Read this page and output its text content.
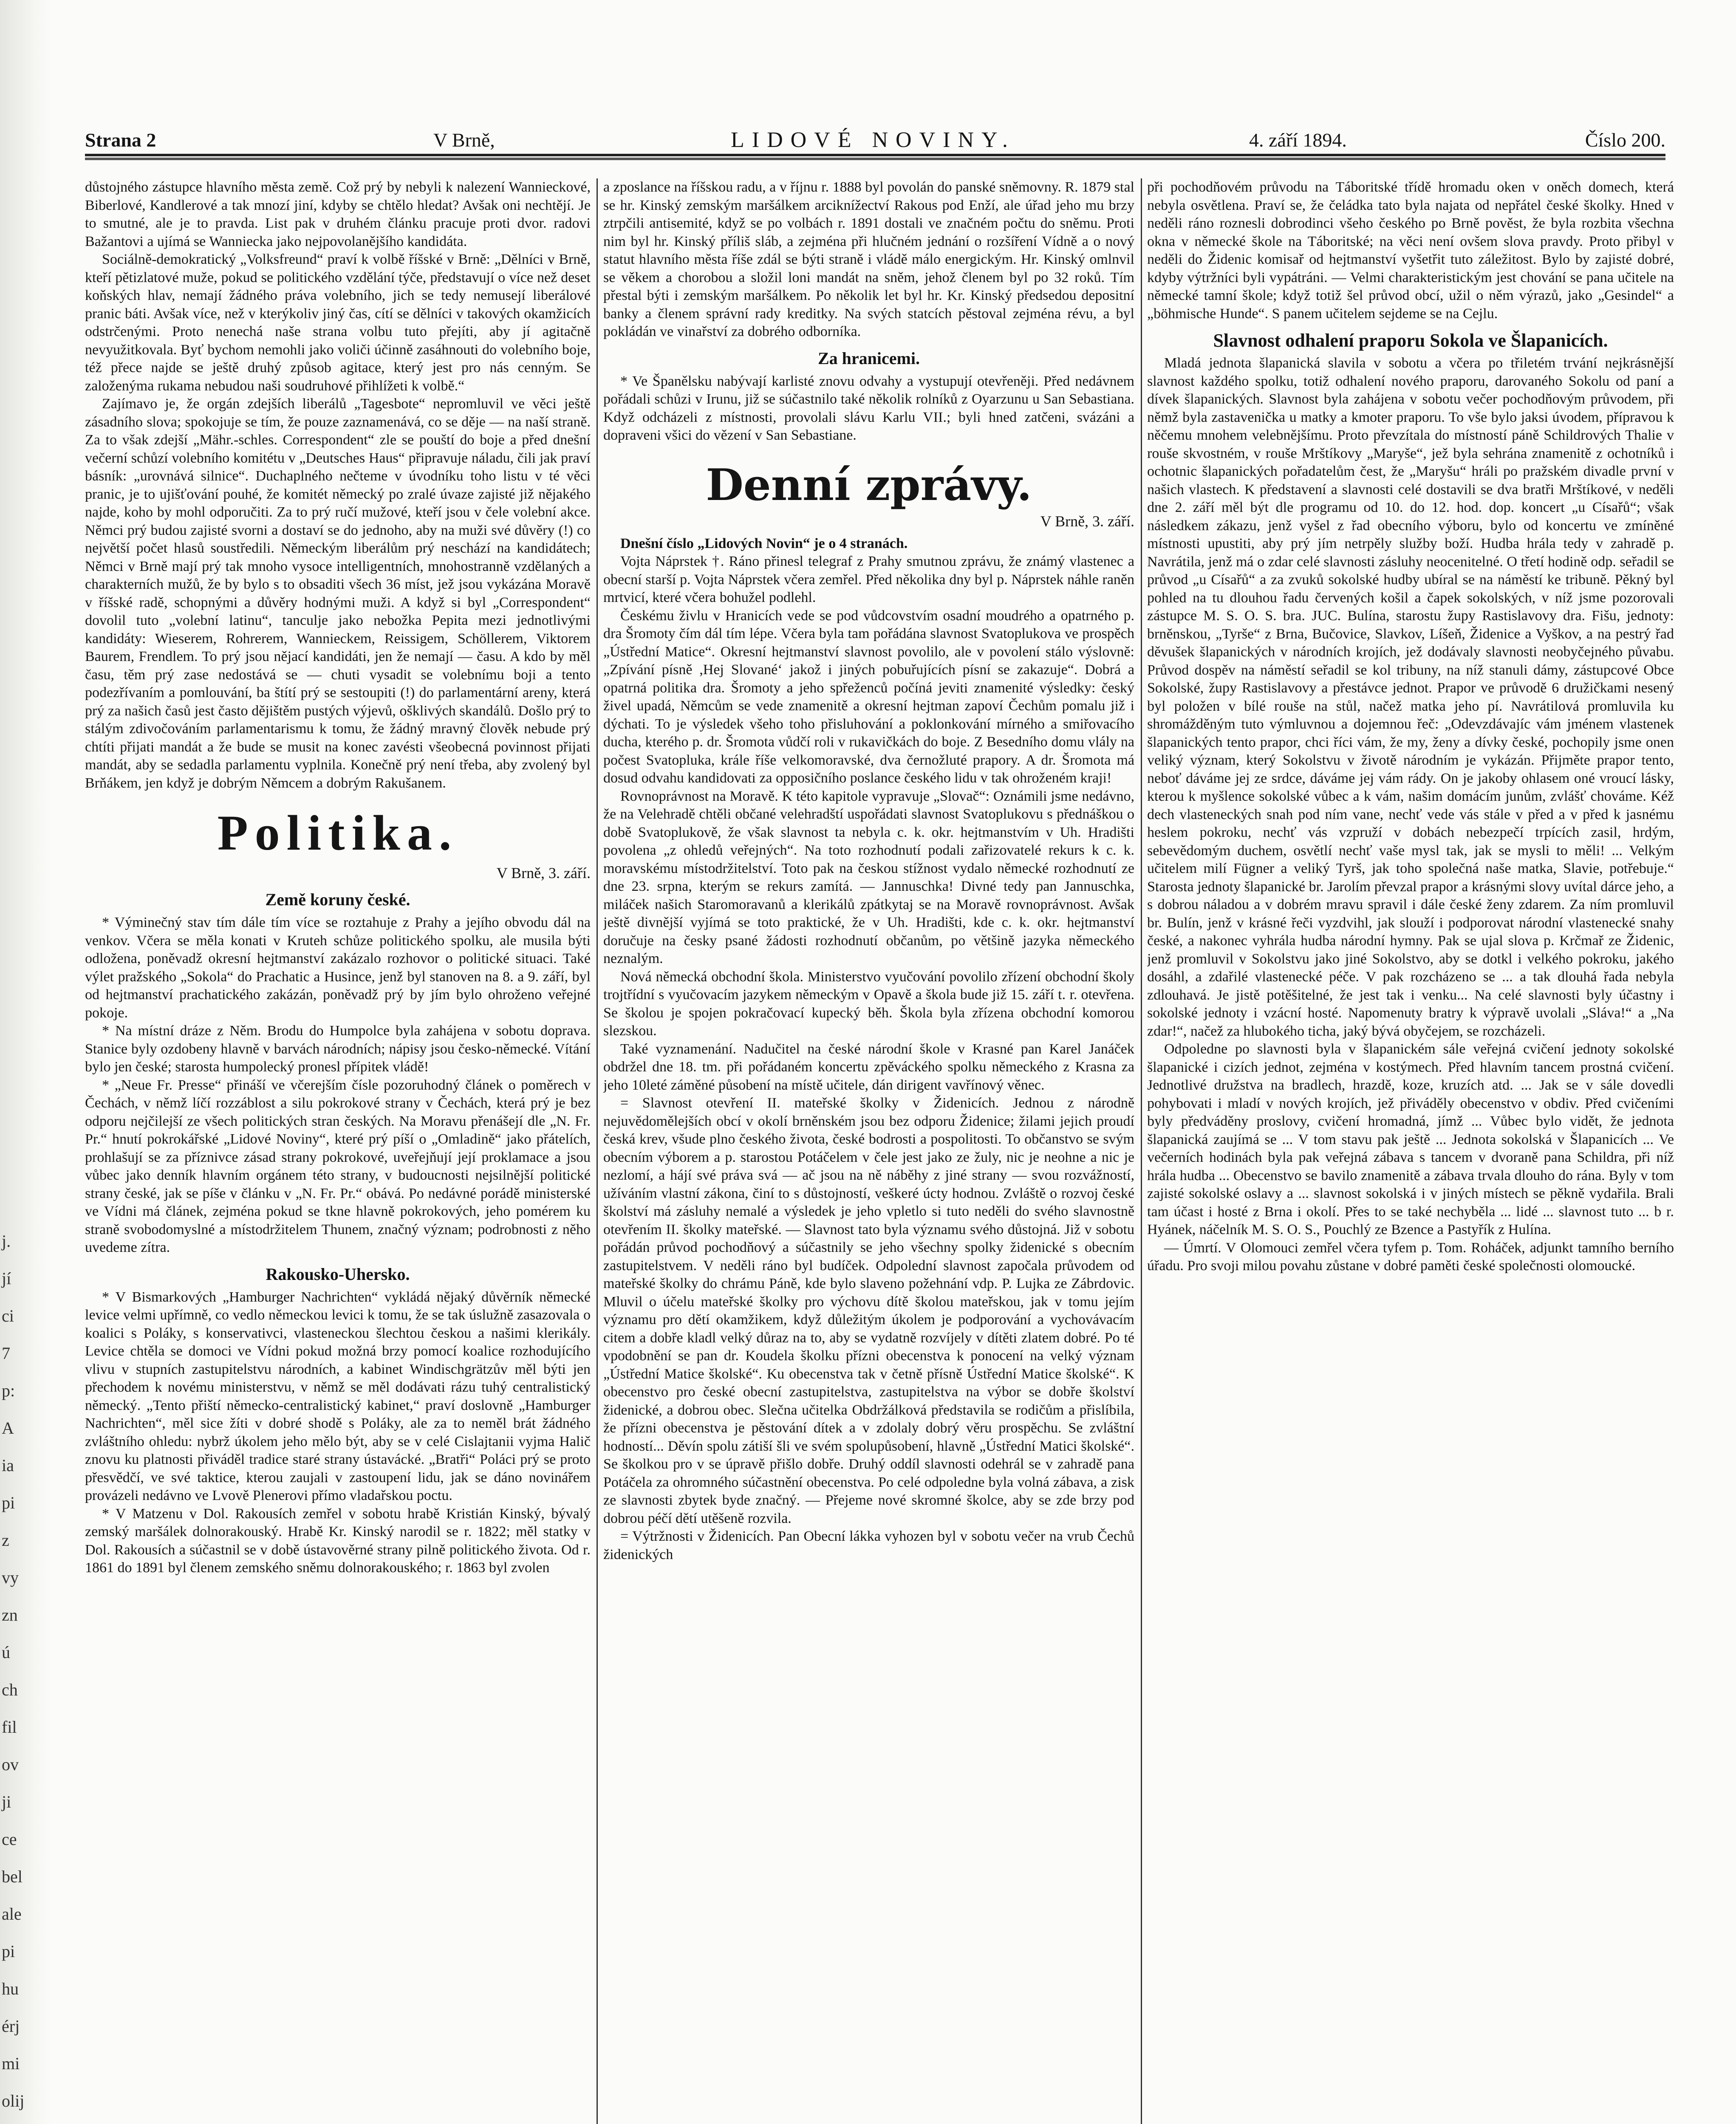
j.
jí
ci
7
p:
A
ia
pi
z
vy
zn
ú
ch
fil
ov
ji
ce
bel
ale
pi
hu
érj
mi
olij
Strana 2	V Brně,	LIDOVÉ NOVINY.	4. září 1894.	Číslo 200.

důstojného zástupce hlavního města země. Což prý by nebyli k nalezení Wannieckové, Biberlové, Kandlerové a tak mnozí jiní, kdyby se chtělo hledat? Avšak oni nechtějí. Je to smutné, ale je to pravda. List pak v druhém článku pracuje proti dvor. radovi Bažantovi a ujímá se Wanniecka jako nejpovolanějšího kandidáta.

Sociálně-demokratický „Volksfreund“ praví k volbě říšské v Brně: „Dělníci v Brně, kteří pětizlatové muže, pokud se politického vzdělání týče, představují o více než deset koňských hlav, nemají žádného práva volebního, jich se tedy nemusejí liberálové pranic báti. Avšak více, než v kterýkoliv jiný čas, cítí se dělníci v takových okamžicích odstrčenými. Proto nenechá naše strana volbu tuto přejíti, aby jí agitačně nevyužitkovala. Byť bychom nemohli jako voliči účinně zasáhnouti do volebního boje, též přece najde se ještě druhý způsob agitace, který jest pro nás cenným. Se založenýma rukama nebudou naši soudruhové přihlížeti k volbě.“

Zajímavo je, že orgán zdejších liberálů „Tagesbote“ nepromluvil ve věci ještě zásadního slova; spokojuje se tím, že pouze zaznamenává, co se děje — na naší straně. Za to však zdejší „Mähr.-schles. Correspondent“ zle se pouští do boje a před dnešní večerní schůzí volebního komitétu v „Deutsches Haus“ připravuje náladu, čili jak praví básník: „urovnává silnice“. Duchaplného nečteme v úvodníku toho listu v té věci pranic, je to ujišťování pouhé, že komitét německý po zralé úvaze zajisté již nějakého najde, koho by mohl odporučiti. Za to prý ručí mužové, kteří jsou v čele volební akce. Němci prý budou zajisté svorni a dostaví se do jednoho, aby na muži své důvěry (!) co největší počet hlasů soustředili. Německým liberálům prý neschází na kandidátech; Němci v Brně mají prý tak mnoho vysoce intelligentních, mnohostranně vzdělaných a charakterních mužů, že by bylo s to obsaditi všech 36 míst, jež jsou vykázána Moravě v říšské radě, schopnými a důvěry hodnými muži. A když si byl „Correspondent“ dovolil tuto „volební latinu“, tanculje jako nebožka Pepita mezi jednotlivými kandidáty: Wieserem, Rohrerem, Wannieckem, Reissigem, Schöllerem, Viktorem Baurem, Frendlem. To prý jsou nějací kandidáti, jen že nemají — času. A kdo by měl času, těm prý zase nedostává se — chuti vysadit se volebnímu boji a tento podezřívaním a pomlouvání, ba štítí prý se sestoupiti (!) do parlamentární areny, která prý za našich časů jest často dějištěm pustých výjevů, ošklivých skandálů. Došlo prý to stálým zdivočováním parlamentarismu k tomu, že žádný mravný člověk nebude prý chtíti přijati mandát a že bude se musit na konec zavésti všeobecná povinnost přijati mandát, aby se sedadla parlamentu vyplnila. Konečně prý není třeba, aby zvolený byl Brňákem, jen když je dobrým Němcem a dobrým Rakušanem.

Politika.
V Brně, 3. září.
Země koruny české.

* Výminečný stav tím dále tím více se roztahuje z Prahy a jejího obvodu dál na venkov. Včera se měla konati v Kruteh schůze politického spolku, ale musila býti odložena, poněvadž okresní hejtmanství zakázalo rozhovor o politické situaci. Také výlet pražského „Sokola“ do Prachatic a Husince, jenž byl stanoven na 8. a 9. září, byl od hejtmanství prachatického zakázán, poněvadž prý by jím bylo ohroženo veřejné pokoje.

* Na místní dráze z Něm. Brodu do Humpolce byla zahájena v sobotu doprava. Stanice byly ozdobeny hlavně v barvách národních; nápisy jsou česko-německé. Vítání bylo jen české; starosta humpolecký pronesl přípitek vládě!

* „Neue Fr. Presse“ přináší ve včerejším čísle pozoruhodný článek o poměrech v Čechách, v němž líčí rozzáblost a silu pokrokové strany v Čechách, která prý je bez odporu nejčilejší ze všech politických stran českých. Na Moravu přenášejí dle „N. Fr. Pr.“ hnutí pokrokářské „Lidové Noviny“, které prý píší o „Omladině“ jako přátelích, prohlašují se za příznivce zásad strany pokrokové, uveřejňují její proklamace a jsou vůbec jako denník hlavním orgánem této strany, v budoucnosti nejsilnější politické strany české, jak se píše v článku v „N. Fr. Pr.“ obává. Po nedávné porádě ministerské ve Vídni má článek, zejména pokud se tkne hlavně pokrokových, jeho pomérem ku straně svobodomyslné a místodržitelem Thunem, značný význam; podrobnosti z něho uvedeme zítra.

Rakousko-Uhersko.

* V Bismarkových „Hamburger Nachrichten“ vykládá nějaký důvěrník německé levice velmi upřímně, co vedlo německou levici k tomu, že se tak úslužně zasazovala o koalici s Poláky, s konservativci, vlasteneckou šlechtou českou a našimi klerikály. Levice chtěla se domoci ve Vídni pokud možná brzy pomocí koalice rozhodujícího vlivu v stupních zastupitelstvu národních, a kabinet Windischgrätzův měl býti jen přechodem k novému ministerstvu, v němž se měl dodávati rázu tuhý centralistický německý. „Tento přiští německo-centralistický kabinet,“ praví doslovně „Hamburger Nachrichten“, měl sice žíti v dobré shodě s Poláky, ale za to neměl brát žádného zvláštního ohledu: nybrž úkolem jeho mělo být, aby se v celé Cislajtanii vyjma Halič znovu ku platnosti přiváděl tradice staré strany ústavácké. „Bratři“ Poláci prý se proto přesvědčí, ve své taktice, kterou zaujali v zastoupení lidu, jak se dáno novinářem provázeli nedávno ve Lvově Plenerovi přímo vladařskou poctu.

* V Matzenu v Dol. Rakousích zemřel v sobotu hrabě Kristián Kinský, bývalý zemský maršálek dolnorakouský. Hrabě Kr. Kinský narodil se r. 1822; měl statky v Dol. Rakousích a súčastnil se v době ústavověrné strany pilně politického života. Od r. 1861 do 1891 byl členem zemského sněmu dolnorakouského; r. 1863 byl zvolen

a zposlance na říšskou radu, a v říjnu r. 1888 byl povolán do panské sněmovny. R. 1879 stal se hr. Kinský zemským maršálkem arciknížectví Rakous pod Enží, ale úřad jeho mu brzy ztrpčili antisemité, když se po volbách r. 1891 dostali ve značném počtu do sněmu. Proti nim byl hr. Kinský příliš sláb, a zejména při hlučném jednání o rozšíření Vídně a o nový statut hlavního města říše zdál se býti straně i vládě málo energickým. Hr. Kinský omlnvil se věkem a chorobou a složil loni mandát na sněm, jehož členem byl po 32 roků. Tím přestal býti i zemským maršálkem. Po několik let byl hr. Kr. Kinský předsedou depositní banky a členem správní rady kreditky. Na svých statcích pěstoval zejména révu, a byl pokládán ve vinařství za dobrého odborníka.

Za hranicemi.

* Ve Španělsku nabývají karlisté znovu odvahy a vystupují otevřeněji. Před nedávnem pořádali schůzi v Irunu, již se súčastnilo také několik rolníků z Oyarzunu u San Sebastiana. Když odcházeli z místnosti, provolali slávu Karlu VII.; byli hned zatčeni, svázáni a dopraveni všici do vězení v San Sebastiane.

Denní zprávy.
V Brně, 3. září.

Dnešní číslo „Lidových Novin“ je o 4 stranách.

Vojta Náprstek †. Ráno přinesl telegraf z Prahy smutnou zprávu, že známý vlastenec a obecní starší p. Vojta Náprstek včera zemřel. Před několika dny byl p. Náprstek náhle raněn mrtvicí, které včera bohužel podlehl.

Českému živlu v Hranicích vede se pod vůdcovstvím osadní moudrého a opatrného p. dra Šromoty čím dál tím lépe. Včera byla tam pořádána slavnost Svatoplukova ve prospěch „Ústřední Matice“. Okresní hejtmanství slavnost povolilo, ale v povolení stálo výslovně: „Zpívání písně ,Hej Slované‘ jakož i jiných pobuřujících písní se zakazuje“. Dobrá a opatrná politika dra. Šromoty a jeho spřeženců počíná jeviti znamenité výsledky: český živel upadá, Němcům se vede znamenitě a okresní hejtman zapoví Čechům pomalu již i dýchati. To je výsledek všeho toho přisluhování a poklonkování mírného a smiřovacího ducha, kterého p. dr. Šromota vůdčí roli v rukavičkách do boje. Z Besedního domu vlály na počest Svatopluka, krále říše velkomoravské, dva černožluté prapory. A dr. Šromota má dosud odvahu kandidovati za opposičního poslance českého lidu v tak ohroženém kraji!

Rovnoprávnost na Moravě. K této kapitole vypravuje „Slovač“: Oznámili jsme nedávno, že na Velehradě chtěli občané velehradští uspořádati slavnost Svatoplukovu s přednáškou o době Svatoplukově, že však slavnost ta nebyla c. k. okr. hejtmanstvím v Uh. Hradišti povolena „z ohledů veřejných“. Na toto rozhodnutí podali zařizovatelé rekurs k c. k. moravskému místodržitelství. Toto pak na českou stížnost vydalo německé rozhodnutí ze dne 23. srpna, kterým se rekurs zamítá. — Jannuschka! Divné tedy pan Jannuschka, miláček našich Staromoravanů a klerikálů zpátkytaj se na Moravě rovnoprávnost. Avšak ještě divnější vyjímá se toto praktické, že v Uh. Hradišti, kde c. k. okr. hejtmanství doručuje na česky psané žádosti rozhodnutí občanům, po většině jazyka německého neznalým.

Nová německá obchodní škola. Ministerstvo vyučování povolilo zřízení obchodní školy trojtřídní s vyučovacím jazykem německým v Opavě a škola bude již 15. září t. r. otevřena. Se školou je spojen pokračovací kupecký běh. Škola byla zřízena obchodní komorou slezskou.

Také vyznamenání. Nadučitel na české národní škole v Krasné pan Karel Janáček obdržel dne 18. tm. při pořádaném koncertu zpěváckého spolku německého z Krasna za jeho 10leté záměné působení na místě učitele, dán dirigent vavřínový věnec.

= Slavnost otevření II. mateřské školky v Židenicích. Jednou z národně nejuvědomělejších obcí v okolí brněnském jsou bez odporu Židenice; žilami jejich proudí česká krev, všude plno českého života, české bodrosti a pospolitosti. To občanstvo se svým obecním výborem a p. starostou Potáčelem v čele jest jako ze žuly, nic je neohne a nic je nezlomí, a hájí své práva svá — ač jsou na ně náběhy z jiné strany — svou rozvážností, užíváním vlastní zákona, činí to s důstojností, veškeré úcty hodnou. Zvláště o rozvoj české školství má zásluhy nemalé a výsledek je jeho vpletlo si tuto neděli do svého slavnostně otevřením II. školky mateřské. — Slavnost tato byla významu svého důstojná. Již v sobotu pořádán průvod pochodňový a súčastnily se jeho všechny spolky židenické s obecním zastupitelstvem. V neděli ráno byl budíček. Odpolední slavnost započala průvodem od mateřské školky do chrámu Páně, kde bylo slaveno požehnání vdp. P. Lujka ze Zábrdovic. Mluvil o účelu mateřské školky pro výchovu dítě školou mateřskou, jak v tomu jejím významu pro dětí okamžikem, když důležitým úkolem je podporování a vychovávacím citem a dobře kladl velký důraz na to, aby se vydatně rozvíjely v dítěti zlatem dobré. Po té vpodobnění se pan dr. Koudela školku přízni obecenstva k ponocení na velký význam „Ústřední Matice školské“. Ku obecenstva tak v četně přísně Ústřední Matice školské“. K obecenstvo pro české obecní zastupitelstva, zastupitelstva na výbor se dobře školství židenické, a dobrou obec. Slečna učitelka Obdržálková představila se rodičům a přislíbila, že přízni obecenstva je pěstování dítek a v zdolaly dobrý věru prospěchu. Se zvláštní hodností... Děvín spolu zátiší šli ve svém spolupůsobení, hlavně „Ústřední Matici školské“. Se školkou pro v se úpravě přišlo dobře. Druhý oddíl slavnosti odehrál se v zahradě pana Potáčela za ohromného súčastnění obecenstva. Po celé odpoledne byla volná zábava, a zisk ze slavnosti zbytek byde značný. — Přejeme nové skromné školce, aby se zde brzy pod dobrou péčí dětí utěšeně rozvila.

= Výtržnosti v Židenicích. Pan Obecní lákka vyhozen byl v sobotu večer na vrub Čechů židenických

při pochodňovém průvodu na Táboritské třídě hromadu oken v oněch domech, která nebyla osvětlena. Praví se, že čeládka tato byla najata od nepřátel české školky. Hned v neděli ráno roznesli dobrodinci všeho českého po Brně pověst, že byla rozbita všechna okna v německé škole na Táboritské; na věci není ovšem slova pravdy. Proto přibyl v neděli do Židenic komisař od hejtmanství vyšetřit tuto záležitost. Bylo by zajisté dobré, kdyby výtržníci byli vypátráni. — Velmi charakteristickým jest chování se pana učitele na německé tamní škole; když totiž šel průvod obcí, užil o něm výrazů, jako „Gesindel“ a „böhmische Hunde“. S panem učitelem sejdeme se na Cejlu.

Slavnost odhalení praporu Sokola ve Šlapanicích.

Mladá jednota šlapanická slavila v sobotu a včera po třiletém trvání nejkrásnější slavnost každého spolku, totiž odhalení nového praporu, darovaného Sokolu od paní a dívek šlapanických. Slavnost byla zahájena v sobotu večer pochodňovým průvodem, při němž byla zastavenička u matky a kmoter praporu. To vše bylo jaksi úvodem, přípravou k něčemu mnohem velebnějšímu. Proto převzítala do místností páně Schildrových Thalie v rouše skvostném, v rouše Mrštíkovy „Maryše“, jež byla sehrána znamenitě z ochotníků i ochotnic šlapanických pořadatelům čest, že „Maryšu“ hráli po pražském divadle první v našich vlastech. K představení a slavnosti celé dostavili se dva bratři Mrštíkové, v neděli dne 2. září měl být dle programu od 10. do 12. hod. dop. koncert „u Císařů“; však následkem zákazu, jenž vyšel z řad obecního výboru, bylo od koncertu ve zmíněné místnosti upustiti, aby prý jím netrpěly služby boží. Hudba hrála tedy v zahradě p. Navrátila, jenž má o zdar celé slavnosti zásluhy neocenitelné. O třetí hodině odp. seřadil se průvod „u Císařů“ a za zvuků sokolské hudby ubíral se na náměstí ke tribuně. Pěkný byl pohled na tu dlouhou řadu červených košil a čapek sokolských, v níž jsme pozorovali zástupce M. S. O. S. bra. JUC. Bulína, starostu župy Rastislavovy dra. Fišu, jednoty: brněnskou, „Tyrše“ z Brna, Bučovice, Slavkov, Líšeň, Židenice a Vyškov, a na pestrý řad děvušek šlapanických v národních krojích, jež dodávaly slavnosti neobyčejného půvabu. Průvod dospěv na náměstí seřadil se kol tribuny, na níž stanuli dámy, zástupcové Obce Sokolské, župy Rastislavovy a přestávce jednot. Prapor ve průvodě 6 družičkami nesený byl položen v bílé rouše na stůl, načež matka jeho pí. Navrátilová promluvila ku shromážděným tuto výmluvnou a dojemnou řeč: „Odevzdávajíc vám jménem vlastenek šlapanických tento prapor, chci říci vám, že my, ženy a dívky české, pochopily jsme onen veliký význam, který Sokolstvu v životě národním je vykázán. Přijměte prapor tento, neboť dáváme jej ze srdce, dáváme jej vám rády. On je jakoby ohlasem oné vroucí lásky, kterou k myšlence sokolské vůbec a k vám, našim domácím junům, zvlášť chováme. Kéž dech vlasteneckých snah pod ním vane, nechť vede vás stále v před a v před k jasnému heslem pokroku, nechť vás vzpruží v dobách nebezpečí trpících zasil, hrdým, sebevědomým duchem, osvětlí nechť vaše mysl tak, jak se mysli to měli! ... Velkým učitelem milí Fügner a veliký Tyrš, jak toho společná naše matka, Slavie, potřebuje.“ Starosta jednoty šlapanické br. Jarolím převzal prapor a krásnými slovy uvítal dárce jeho, a s dobrou náladou a v dobrém mravu spravil i dále české ženy zdarem. Za ním promluvil br. Bulín, jenž v krásné řeči vyzdvihl, jak slouží i podporovat národní vlastenecké snahy české, a nakonec vyhrála hudba národní hymny. Pak se ujal slova p. Krčmař ze Židenic, jenž promluvil v Sokolstvu jako jiné Sokolstvo, aby se dotkl i velkého pokroku, jakého dosáhl, a zdařilé vlastenecké péče. V pak rozcházeno se ... a tak dlouhá řada nebyla zdlouhavá. Je jistě potěšitelné, že jest tak i venku... Na celé slavnosti byly účastny i sokolské jednoty i vzácní hosté. Napomenuty bratry k výpravě uvolali „Sláva!“ a „Na zdar!“, načež za hlubokého ticha, jaký bývá obyčejem, se rozcházeli.

Odpoledne po slavnosti byla v šlapanickém sále veřejná cvičení jednoty sokolské šlapanické i cizích jednot, zejména v kostýmech. Před hlavním tancem prostná cvičení. Jednotlivé družstva na bradlech, hrazdě, koze, kruzích atd. ... Jak se v sále dovedli pohybovati i mladí v nových krojích, jež přiváděly obecenstvo v obdiv. Před cvičeními byly předváděny proslovy, cvičení hromadná, jímž ... Vůbec bylo vidět, že jednota šlapanická zaujímá se ... V tom stavu pak ještě ... Jednota sokolská v Šlapanicích ... Ve večerních hodinách byla pak veřejná zábava s tancem v dvoraně pana Schildra, při níž hrála hudba ... Obecenstvo se bavilo znamenitě a zábava trvala dlouho do rána. Byly v tom zajisté sokolské oslavy a ... slavnost sokolská i v jiných místech se pěkně vydařila. Brali tam účast i hosté z Brna i okolí. Přes to se také nechyběla ... lidé ... slavnost tuto ... b r. Hyánek, náčelník M. S. O. S., Pouchlý ze Bzence a Pastyřík z Hulína.

— Úmrtí. V Olomouci zemřel včera tyfem p. Tom. Roháček, adjunkt tamního berního úřadu. Pro svoji milou povahu zůstane v dobré paměti české společnosti olomoucké.
